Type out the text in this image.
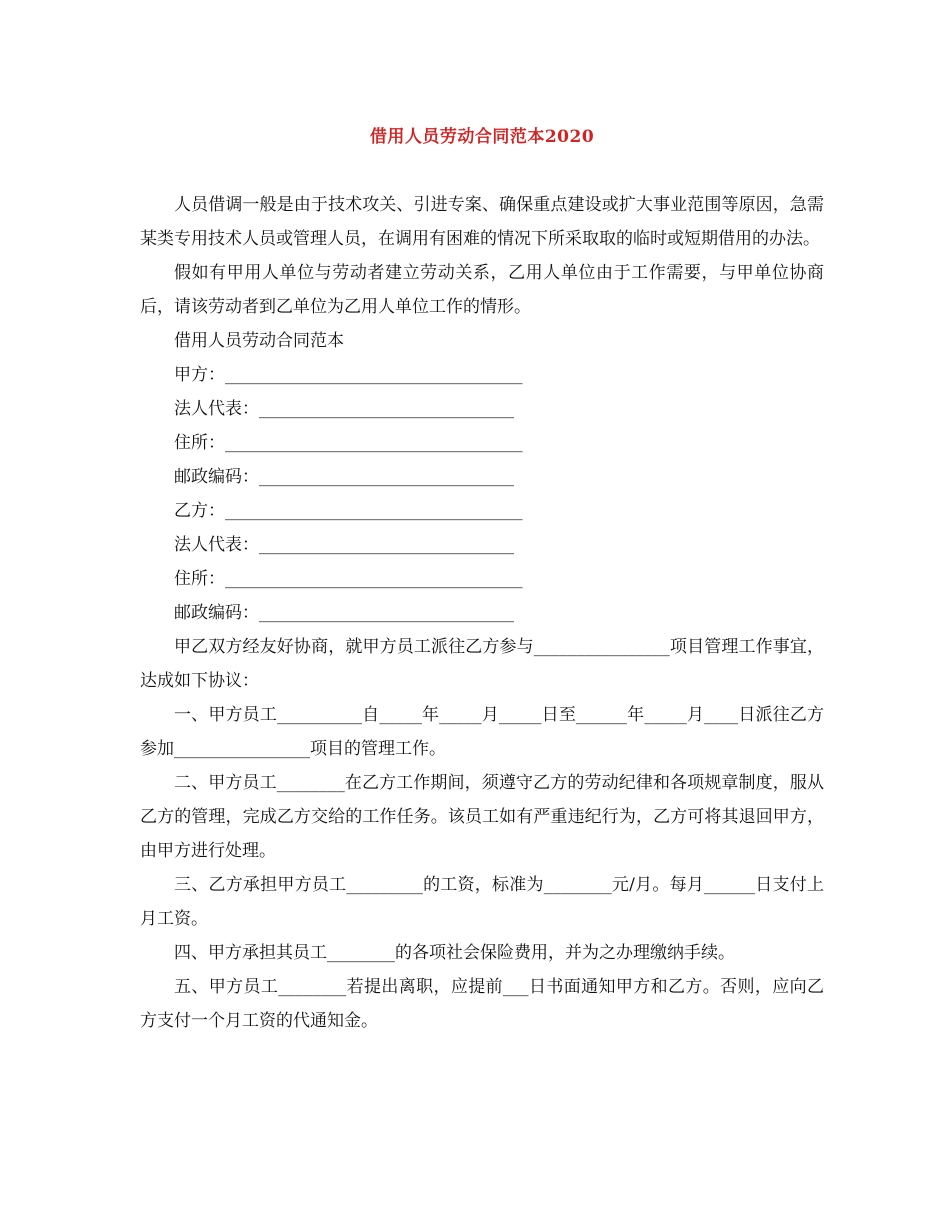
借用人员劳动合同范本2020

人员借调一般是由于技术攻关、引进专案、确保重点建设或扩大事业范围等原因，急需某类专用技术人员或管理人员，在调用有困难的情况下所采取取的临时或短期借用的办法。

假如有甲用人单位与劳动者建立劳动关系，乙用人单位由于工作需要，与甲单位协商后，请该劳动者到乙单位为乙用人单位工作的情形。

借用人员劳动合同范本

甲方：___________________________________

法人代表：______________________________

住所：___________________________________

邮政编码：______________________________

乙方：___________________________________

法人代表：______________________________

住所：___________________________________

邮政编码：______________________________

甲乙双方经友好协商，就甲方员工派往乙方参与________________项目管理工作事宜，达成如下协议：

一、甲方员工__________自_____年_____月_____日至______年_____月____日派往乙方参加________________项目的管理工作。

二、甲方员工________在乙方工作期间，须遵守乙方的劳动纪律和各项规章制度，服从乙方的管理，完成乙方交给的工作任务。该员工如有严重违纪行为，乙方可将其退回甲方，由甲方进行处理。

三、乙方承担甲方员工_________的工资，标准为________元/月。每月______日支付上月工资。

四、甲方承担其员工________的各项社会保险费用，并为之办理缴纳手续。

五、甲方员工________若提出离职，应提前___日书面通知甲方和乙方。否则，应向乙方支付一个月工资的代通知金。
